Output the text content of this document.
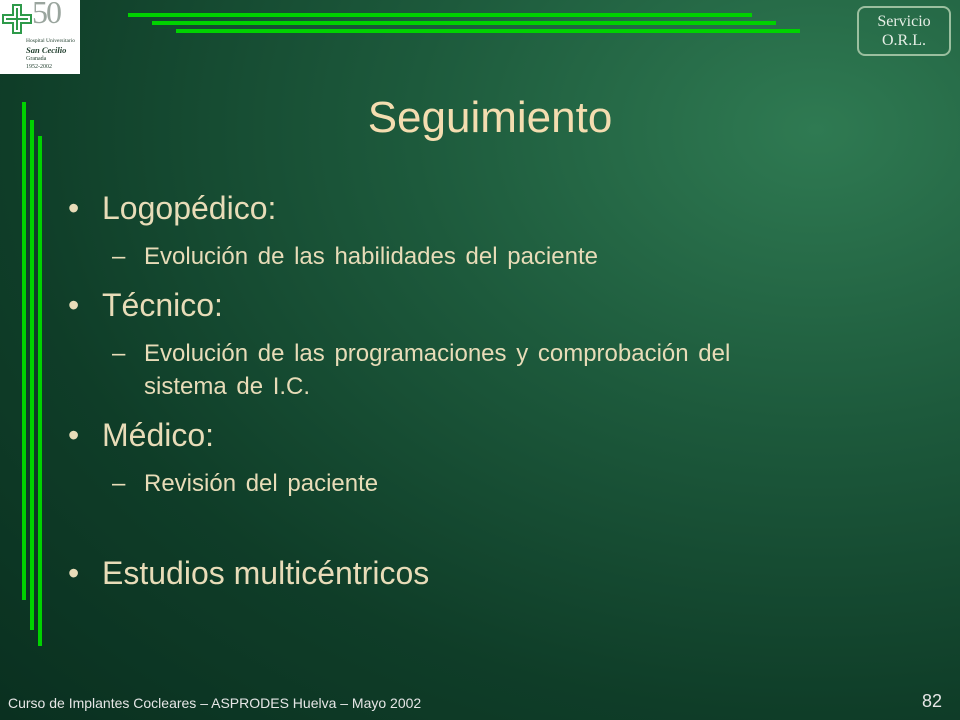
50
Hospital Universitario
San Cecilio
Granada
1952-2002
Servicio
O.R.L.
Seguimiento
• Logopédico:
– Evolución de las habilidades del paciente
• Técnico:
– Evolución de las programaciones y comprobación del
sistema de I.C.
• Médico:
– Revisión del paciente
• Estudios multicéntricos
Curso de Implantes Cocleares – ASPRODES Huelva – Mayo 2002	82
